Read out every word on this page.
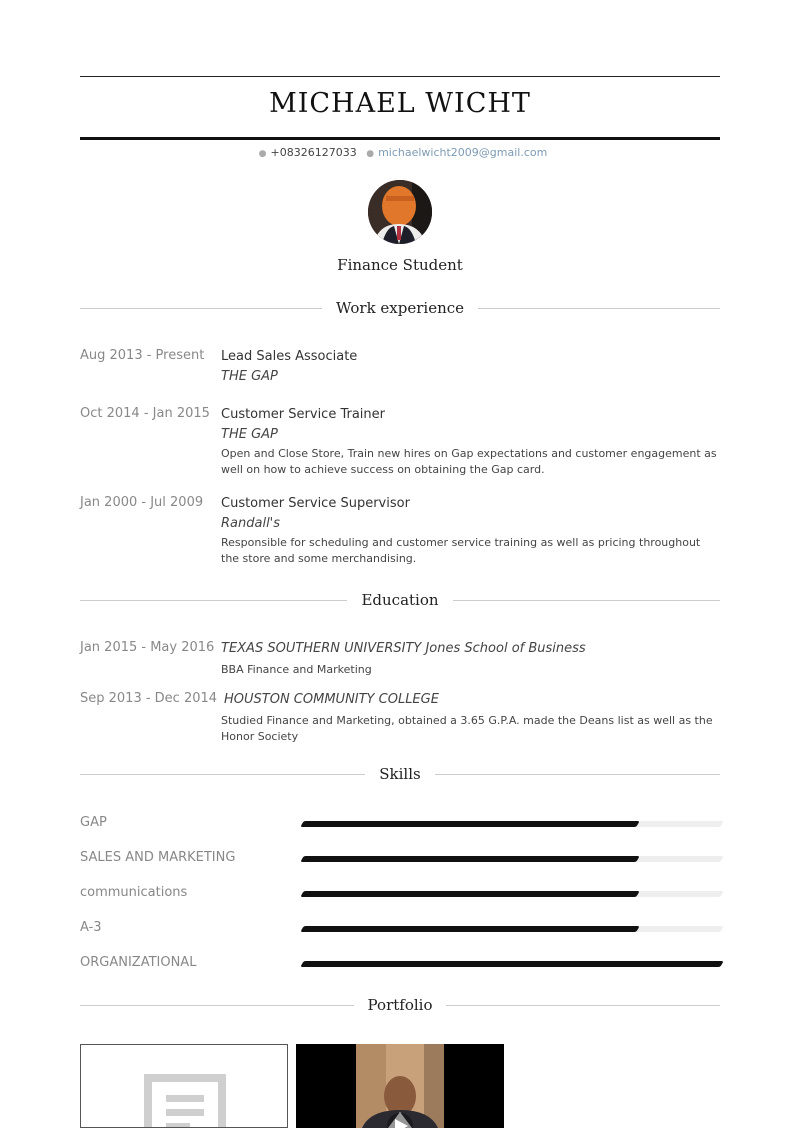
MICHAEL WICHT
● +08326127033 ● michaelwicht2009@gmail.com
Finance Student
Work experience
Aug 2013 - Present	Lead Sales Associate
THE GAP
Oct 2014 - Jan 2015 Customer Service Trainer
THE GAP
Open and Close Store, Train new hires on Gap expectations and customer engagement as well on how to achieve success on obtaining the Gap card.
Jan 2000 - Jul 2009	Customer Service Supervisor
Randall's
Responsible for scheduling and customer service training as well as pricing throughout the store and some merchandising.
Education
Jan 2015 - May 2016 TEXAS SOUTHERN UNIVERSITY Jones School of Business
BBA Finance and Marketing
Sep 2013 - Dec 2014 HOUSTON COMMUNITY COLLEGE
Studied Finance and Marketing, obtained a 3.65 G.P.A. made the Deans list as well as the Honor Society
Skills
GAP
SALES AND MARKETING
communications
A-3
ORGANIZATIONAL
Portfolio
